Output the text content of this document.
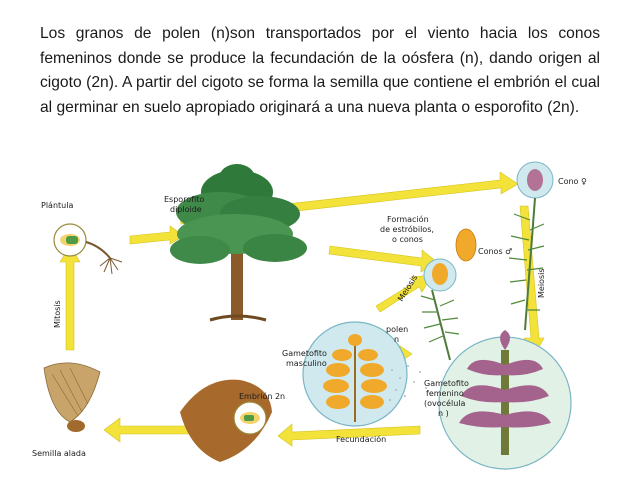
Los granos de polen (n)son transportados por el viento hacia los conos femeninos donde se produce la fecundación de la oósfera (n), dando origen al cigoto (2n). A partir del cigoto se forma la semilla que contiene el embrión el cual al germinar en suelo apropiado originará a una nueva planta o esporofito (2n).

Plántula
Esporofito
diploide
Formación
de estróbilos,
o conos
Cono ♀
Conos ♂
Meiosis	Meiosis
Mitosis
polen
n
Gametofito
masculino
Embrión 2n
Gametofito
femenino
(ovocélula
n )
Fecundación
Semilla alada
